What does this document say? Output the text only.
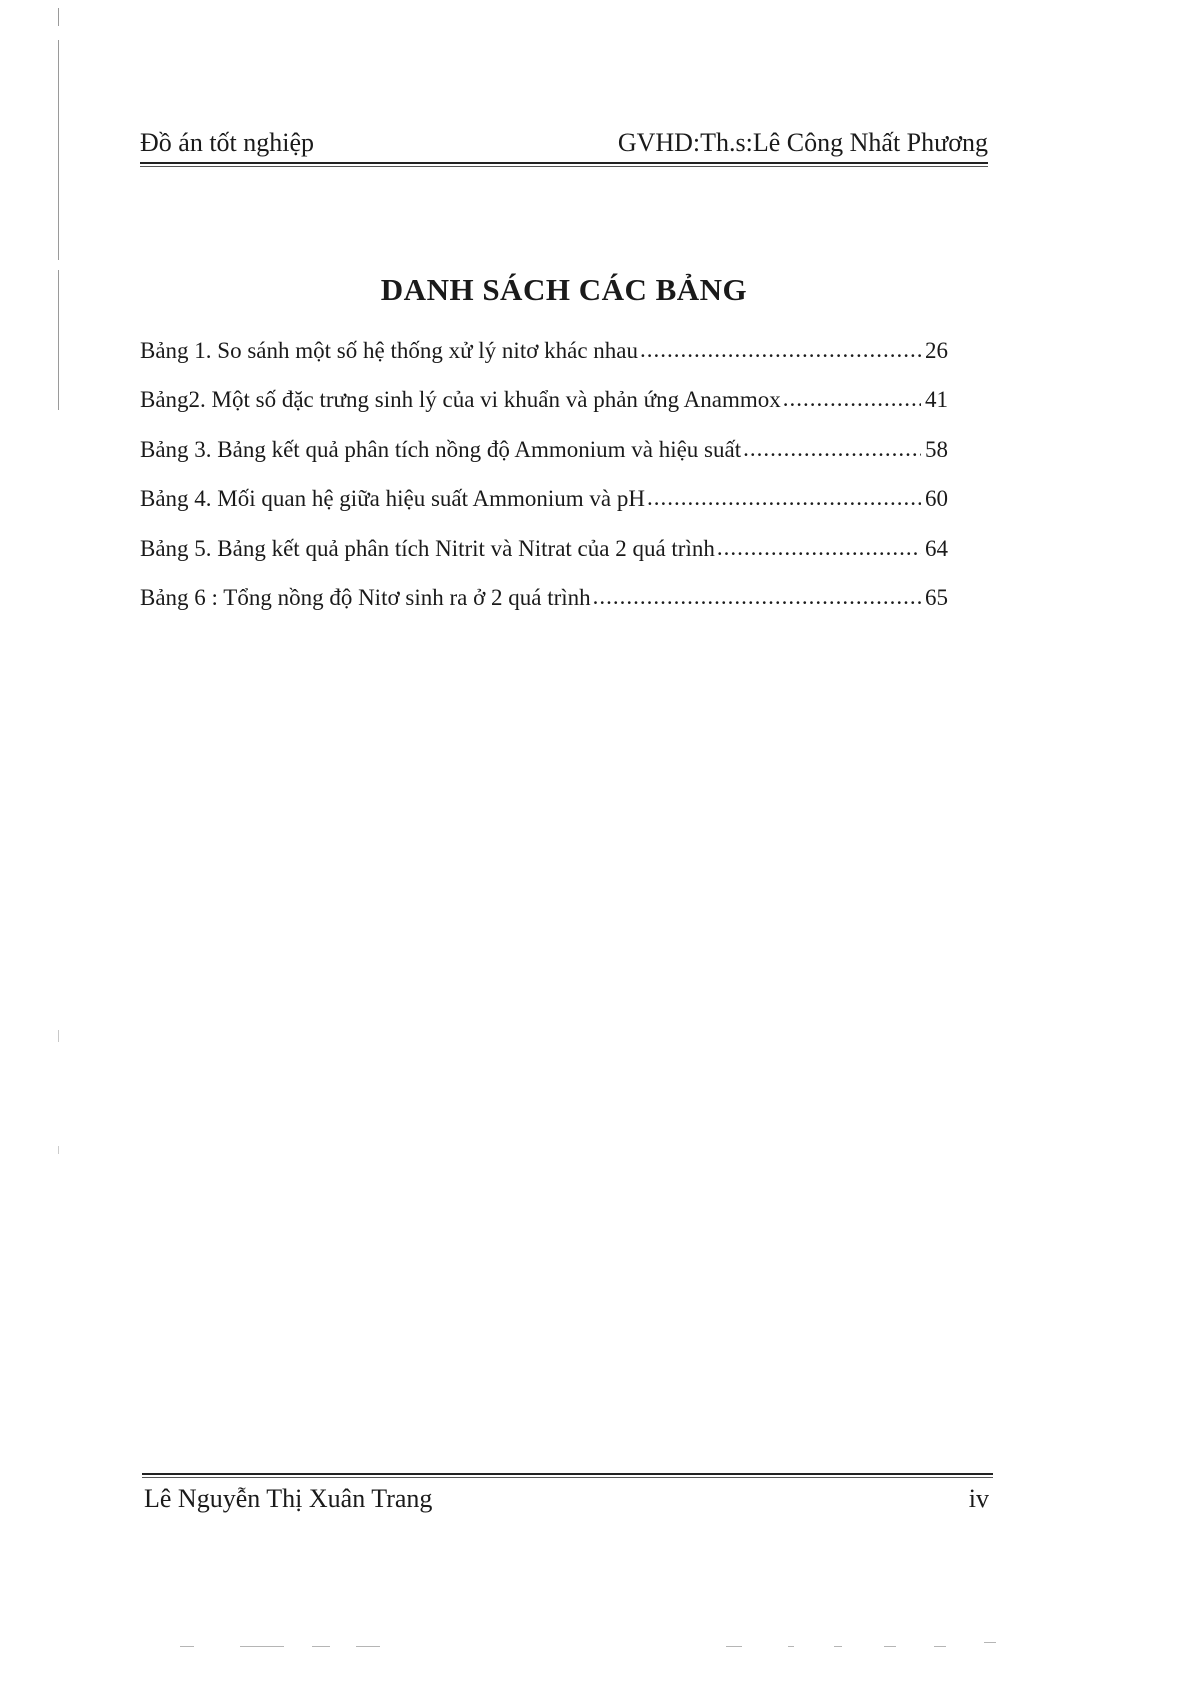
Đồ án tốt nghiệp	GVHD:Th.s:Lê Công Nhất Phương
DANH SÁCH CÁC BẢNG
Bảng 1. So sánh một số hệ thống xử lý nitơ khác nhau .....	26
Bảng2. Một số đặc trưng sinh lý của vi khuẩn và phản ứng Anammox .....	41
Bảng 3. Bảng kết quả phân tích nồng độ Ammonium và hiệu suất .....	58
Bảng 4. Mối quan hệ giữa hiệu suất Ammonium và pH .....	60
Bảng 5. Bảng kết quả phân tích Nitrit và Nitrat của 2 quá trình .....	64
Bảng 6 : Tổng nồng độ Nitơ sinh ra ở 2 quá trình .....	65
Lê Nguyễn Thị Xuân Trang	iv
